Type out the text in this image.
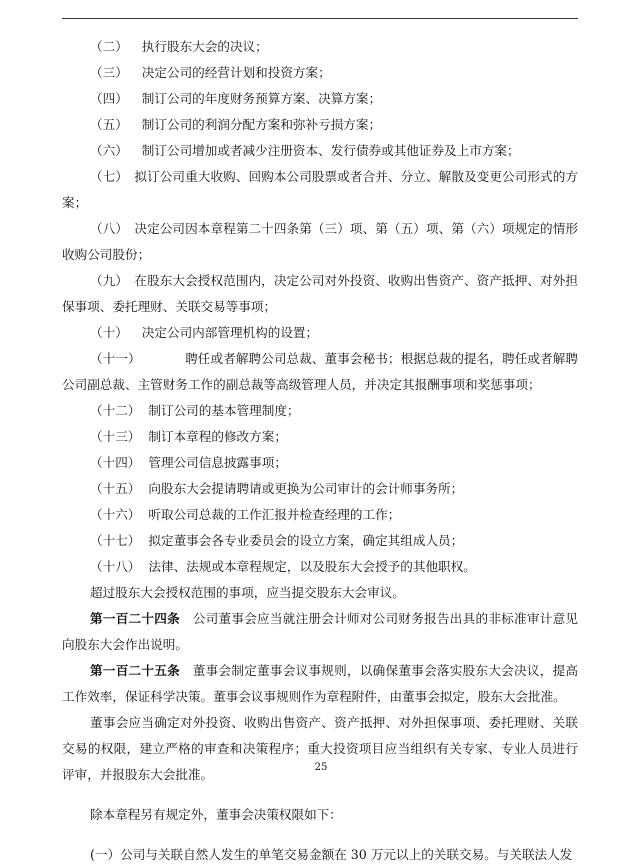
（二）	执行股东大会的决议；
（三）	决定公司的经营计划和投资方案；
（四）	制订公司的年度财务预算方案、决算方案；
（五）	制订公司的利润分配方案和弥补亏损方案；
（六）	制订公司增加或者减少注册资本、发行债券或其他证券及上市方案；

（七）　拟订公司重大收购、回购本公司股票或者合并、分立、解散及变更公司形式的方案；

（八）　决定公司因本章程第二十四条第（三）项、第（五）项、第（六）项规定的情形收购公司股份；

（九）　在股东大会授权范围内，决定公司对外投资、收购出售资产、资产抵押、对外担保事项、委托理财、关联交易等事项；

（十）	决定公司内部管理机构的设置；

（十一）　　　　聘任或者解聘公司总裁、董事会秘书；根据总裁的提名，聘任或者解聘公司副总裁、主管财务工作的副总裁等高级管理人员，并决定其报酬事项和奖惩事项；

（十二） 制订公司的基本管理制度；
（十三） 制订本章程的修改方案；
（十四） 管理公司信息披露事项；
（十五） 向股东大会提请聘请或更换为公司审计的会计师事务所；
（十六） 听取公司总裁的工作汇报并检查经理的工作；
（十七） 拟定董事会各专业委员会的设立方案，确定其组成人员；
（十八） 法律、法规或本章程规定，以及股东大会授予的其他职权。

超过股东大会授权范围的事项，应当提交股东大会审议。

第一百二十四条　公司董事会应当就注册会计师对公司财务报告出具的非标准审计意见向股东大会作出说明。

第一百二十五条　董事会制定董事会议事规则，以确保董事会落实股东大会决议，提高工作效率，保证科学决策。董事会议事规则作为章程附件，由董事会拟定，股东大会批准。

董事会应当确定对外投资、收购出售资产、资产抵押、对外担保事项、委托理财、关联交易的权限，建立严格的审查和决策程序；重大投资项目应当组织有关专家、专业人员进行评审，并报股东大会批准。

除本章程另有规定外，董事会决策权限如下：

(一）公司与关联自然人发生的单笔交易金额在 30 万元以上的关联交易。与关联法人发

25
